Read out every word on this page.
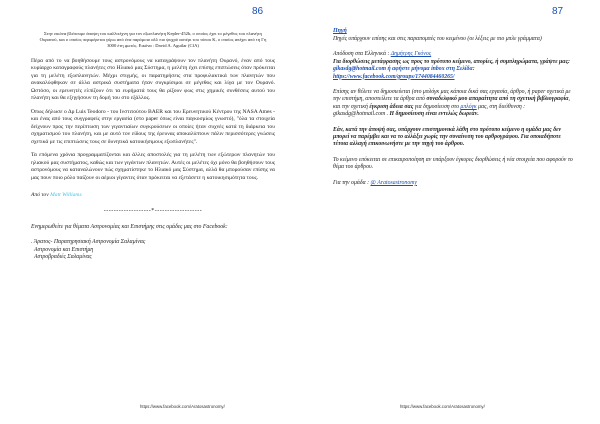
86
Στην εικόνα βλέπουμε άποψη του καλλιτέχνη για τον εξωπλανήτη Kepler-452b, ο οποίος έχει το μέγεθος του πλανήτη Ουρανού, και ο οποίος περιφέρεται γύρω από ένα παρόμοιο αλλ πιο ψυχρό αστέρι του τύπου K, ο οποίος απέχει από τη Γη 3000 έτη φωτός. Εικόνα : David A. Aguilar (CfA)

Πέρα από το να βοηθήσουμε τους αστρονόμους να καταγράψουν τον πλανήτη Ουρανό, έναν από τους κυρίαρχο καταγραφούς πλανήτες στο Ηλιακό μας Σύστημα, η μελέτη έχει επίσης επιπτώσεις όταν πρόκειται για τη μελέτη εξωπλανητών. Μέχρι στιγμής, οι παρατηρήσεις στα προφυλακτικά των πλανητών που ανακαλύφθηκαν σε άλλα αστρικά συστήματα ήταν συγκρίσιμοι σε μέγεθος και λίγα με τον Ουρανό. Ωστόσο, οι ερευνητές ελπίζουν ότι τα ευρήματά τους θα ρίξουν φως στις χημικές συνθέσεις αυτού του πλανήτη και θα εξηγήσουν τη δομή του στο εξάλλος.

Όπως δήλωσε ο Δρ Luis Teodoro - του Ινστιτούτου BAER και του Ερευνητικού Κέντρου της NASA Ames - και ένας από τους συγγραφείς στην εργασία (στο paper όπως είναι παγκοσμίως γνωστό), "όλα τα στοιχεία δείχνουν προς την περίπτωση των γιγαντιαίων συγκρούσεων οι οποίες ήταν συχνές κατά τη διάρκεια του σχηματισμού του πλανήτη, και με αυτό τον είδους της έρευνας αποκαλύπτουν πάλιν περισσότερες γνώσεις σχετικά με τις επιπτώσεις τους σε δυνητικά κατοικήσιμους εξωπλανήτες".

Τα επόμενα χρόνια προγραμματίζονται και άλλες αποστολές για τη μελέτη των εξώτερων πλανητών του ηλιακού μας συστήματος, καθώς και των γιγάντων πλανητών. Αυτές οι μελέτες όχι μόνο θα βοηθήσουν τους αστρονόμους να καταναλώνουν πώς σχηματίστηκε το Ηλιακό μας Σύστημα, αλλά θα μπορούσαν επίσης να μας πουν ποιο ρόλο παίζουν οι αέριοι γίγαντες όταν πρόκειται να εξετάσετε η κατοικησιμότητα τους.

Από τον Matt Williams

-------------------*-------------------

Ενημερωθείτε για θέματα Αστρονομίας και Επιστήμης στις ομάδες μας στο Facebook:

. Άρατος- Παρατηρησιακή Αστρονομία Σαλαμίνας

Αστρονομία και Επιστήμη

Αστροβραδιές Σαλαμίνας

https://www.facebook.com/Aratosastronomy/
87

Πηγή

Πηγές υπάρχουν επίσης και στις παραπομπές του κειμένου (οι λέξεις με πιο μπλε γράμματα)

Απόδοση στα Ελληνικά : Δημήτρης Γκόνος

Για διορθώσεις μετάφρασης ως προς το πρότυπο κείμενο, απορίες, ή συμπληρώματα, γράψτε μας: gikasdg@hotmail.com ή αφήστε μήνυμα inbox στη Σελίδα:

https://www.facebook.com/groups/1744084460265/

Επίσης αν θέλετε να δημοσιεύεται (στο μπλόγκ μας κάποια δικά σας εργασία, άρθρο, ή paper σχετικά με την επιστήμη, αποστείλετε τα άρθρα από συναδελφικό μου απαραίτητα από τη σχετική βιβλιογραφία, και την σχετική έγκριση άδεια σας για δημοσίευση στο μπλόγκ μας, στη διεύθυνση : gikasdg@hotmail.com . Η δημοσίευση είναι εντελώς δωρεάν.

Εάν, κατά την άποψή σας, υπάρχουν επιστημονικά λάθη στο πρότυπο κείμενο η ομάδα μας δεν μπορεί να παρέμβει και να το αλλάξει χωρίς την συναίνεση του αρθρογράφου. Για οποιαδήποτε τέτοια αλλαγή επικοινωνήστε με την πηγή του άρθρου.

Το κείμενο επόκειται σε επικαιροποίηση αν υπάρξουν έγκυρες διορθώσεις ή νέα στοιχεία που αφορούν το θέμα του άρθρου.

Για την ομάδα : @ Aratosastronomy

https://www.facebook.com/Aratosastronomy/
